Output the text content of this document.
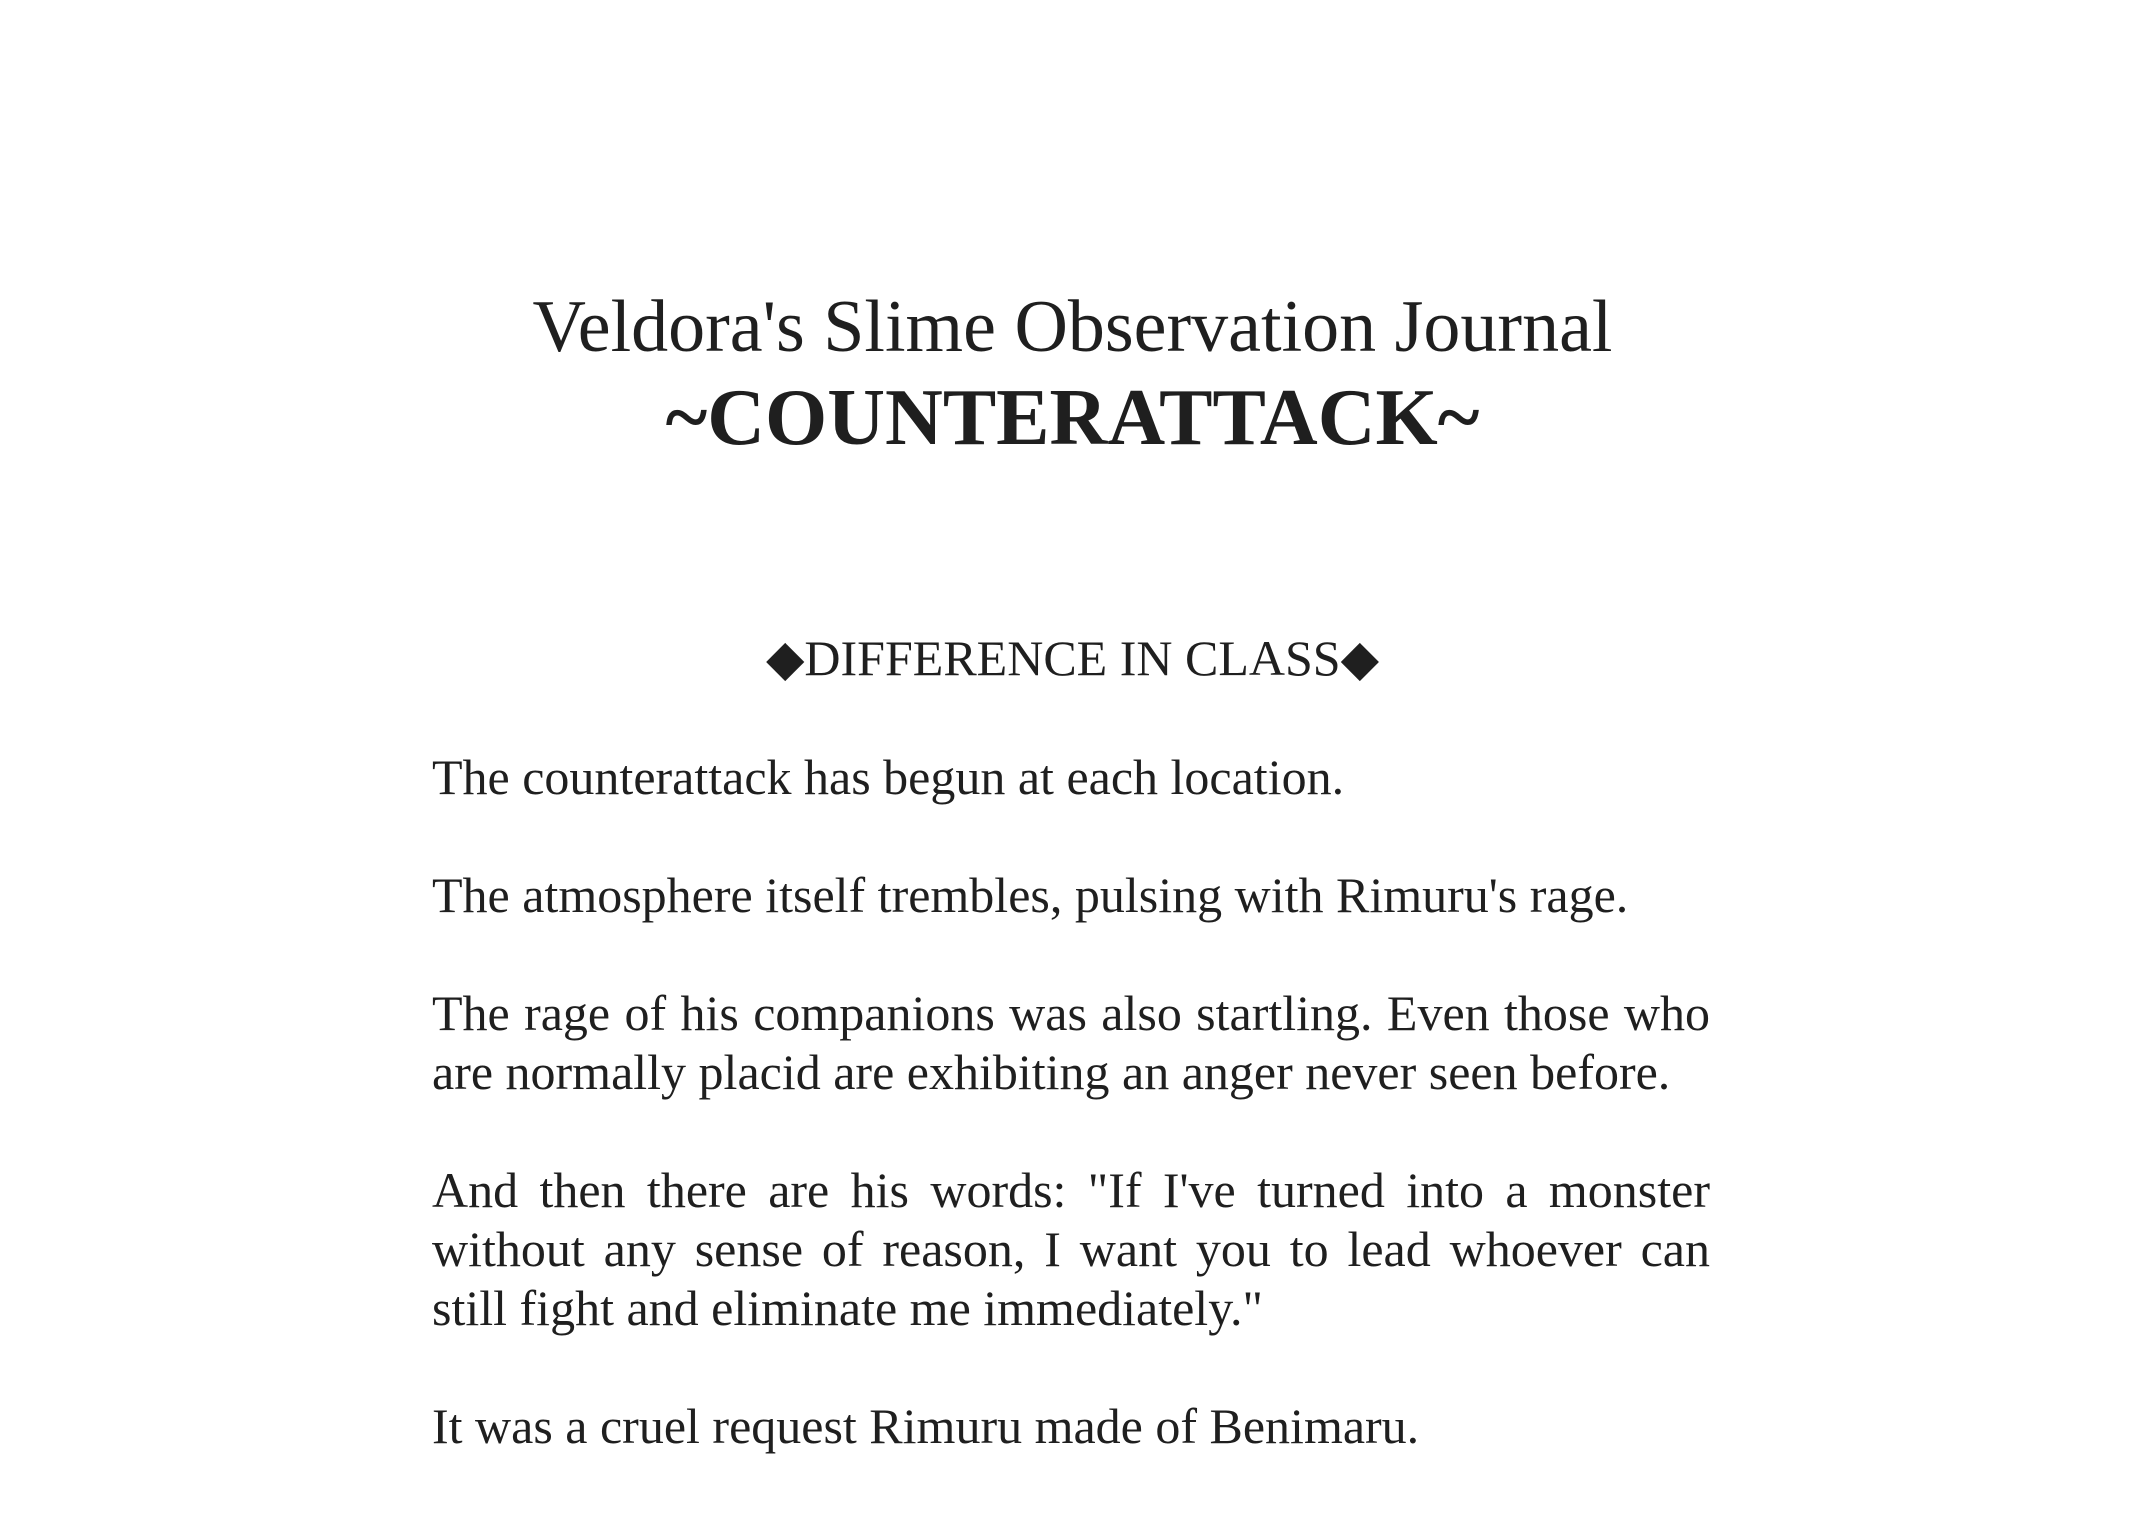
Veldora's Slime Observation Journal
~COUNTERATTACK~
◆DIFFERENCE IN CLASS◆

The counterattack has begun at each location.

The atmosphere itself trembles, pulsing with Rimuru's rage.

The rage of his companions was also startling. Even those who are normally placid are exhibiting an anger never seen before.

And then there are his words: "If I've turned into a monster without any sense of reason, I want you to lead whoever can still fight and eliminate me immediately."

It was a cruel request Rimuru made of Benimaru.
